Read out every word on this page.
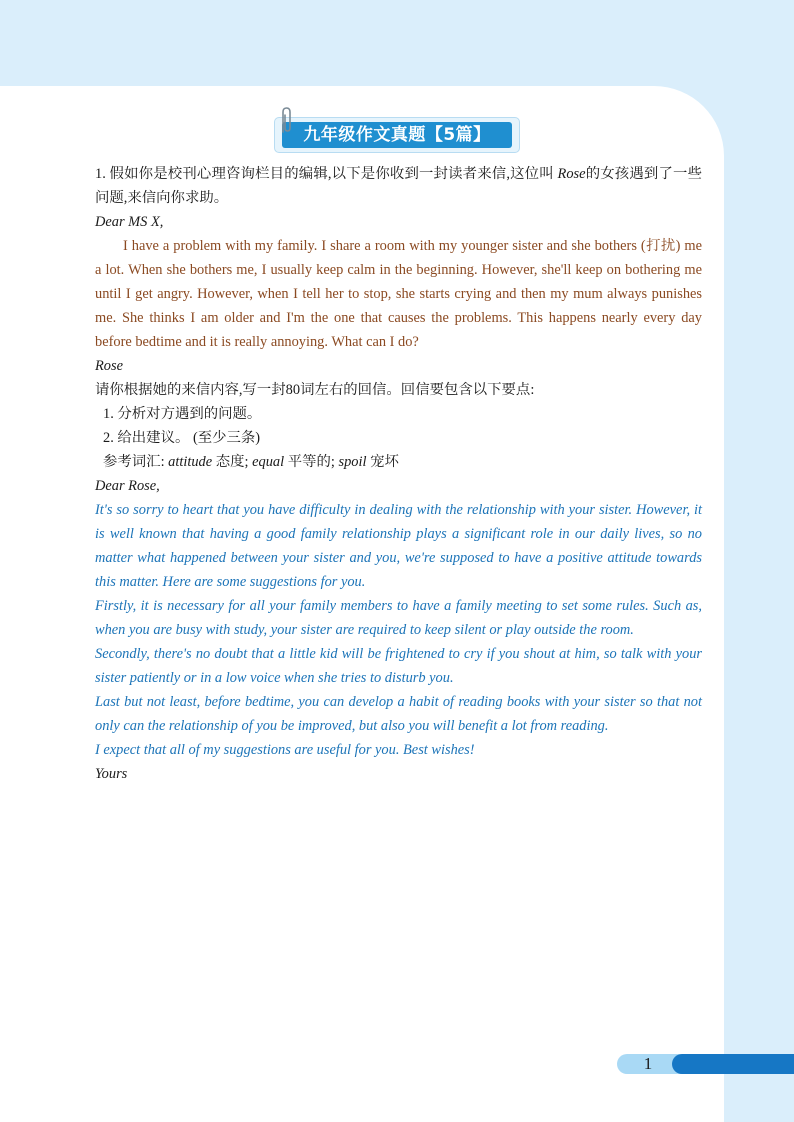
九年级作文真题【5篇】

1. 假如你是校刊心理咨询栏目的编辑,以下是你收到一封读者来信,这位叫 Rose的女孩遇到了一些问题,来信向你求助。

Dear MS X,

I have a problem with my family. I share a room with my younger sister and she bothers (打扰) me a lot. When she bothers me, I usually keep calm in the beginning. However, she'll keep on bothering me until I get angry. However, when I tell her to stop, she starts crying and then my mum always punishes me. She thinks I am older and I'm the one that causes the problems. This happens nearly every day before bedtime and it is really annoying. What can I do?

Rose

请你根据她的来信内容,写一封80词左右的回信。回信要包含以下要点:

1. 分析对方遇到的问题。

2. 给出建议。 (至少三条)

参考词汇: attitude 态度; equal 平等的; spoil 宠坏

Dear Rose,

It's so sorry to heart that you have difficulty in dealing with the relationship with your sister. However, it is well known that having a good family relationship plays a significant role in our daily lives, so no matter what happened between your sister and you, we're supposed to have a positive attitude towards this matter. Here are some suggestions for you.

Firstly, it is necessary for all your family members to have a family meeting to set some rules. Such as, when you are busy with study, your sister are required to keep silent or play outside the room.

Secondly, there's no doubt that a little kid will be frightened to cry if you shout at him, so talk with your sister patiently or in a low voice when she tries to disturb you.

Last but not least, before bedtime, you can develop a habit of reading books with your sister so that not only can the relationship of you be improved, but also you will benefit a lot from reading.

I expect that all of my suggestions are useful for you. Best wishes!

Yours

1
